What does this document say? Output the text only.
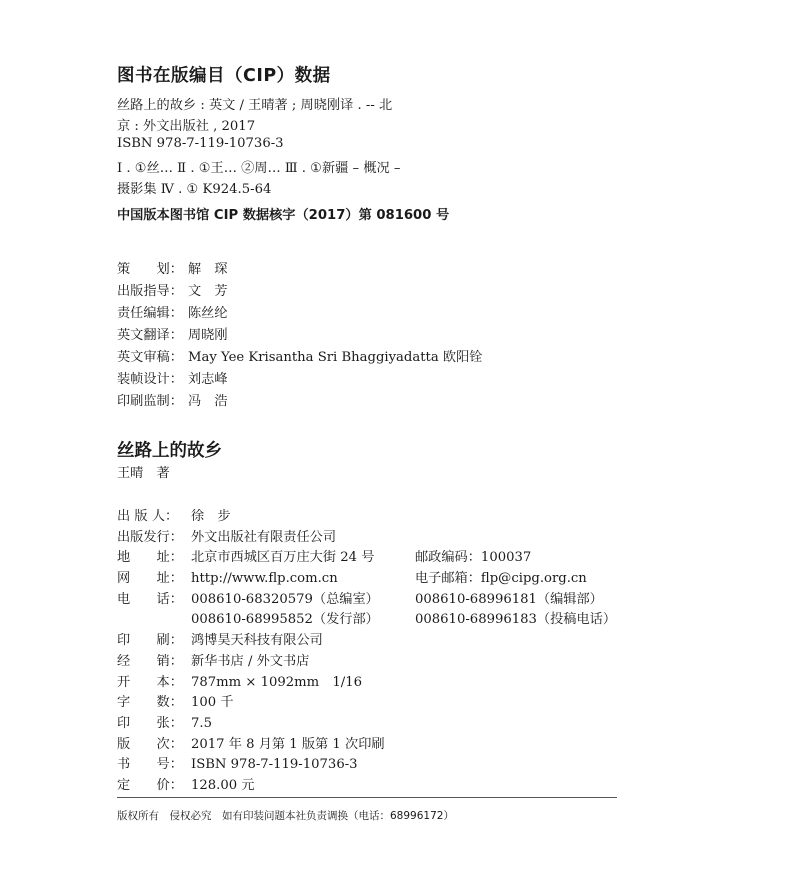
图书在版编目（CIP）数据
丝路上的故乡 : 英文 / 王晴著 ; 周晓刚译 . -- 北
京 : 外文出版社 , 2017
ISBN 978-7-119-10736-3
Ⅰ . ①丝… Ⅱ . ①王… ②周… Ⅲ . ①新疆 – 概况 –
摄影集 Ⅳ . ① K924.5-64
中国版本图书馆 CIP 数据核字（2017）第 081600 号
策　　划： 解　琛
出版指导： 文　芳
责任编辑： 陈丝纶
英文翻译： 周晓刚
英文审稿： May Yee Krisantha Sri Bhaggiyadatta 欧阳铨
装帧设计： 刘志峰
印刷监制： 冯　浩
丝路上的故乡
王晴　著
出 版 人： 徐　步
出版发行： 外文出版社有限责任公司
地　　址： 北京市西城区百万庄大街 24 号	邮政编码：100037
网　　址： http://www.flp.com.cn	电子邮箱：flp@cipg.org.cn
电　　话： 008610-68320579（总编室）	008610-68996181（编辑部）
008610-68995852（发行部）	008610-68996183（投稿电话）
印　　刷： 鸿博昊天科技有限公司
经　　销： 新华书店 / 外文书店
开　　本： 787mm × 1092mm　1/16
字　　数： 100 千
印　　张： 7.5
版　　次： 2017 年 8 月第 1 版第 1 次印刷
书　　号： ISBN 978-7-119-10736-3
定　　价： 128.00 元
版权所有　侵权必究　如有印装问题本社负责调换（电话：68996172）
